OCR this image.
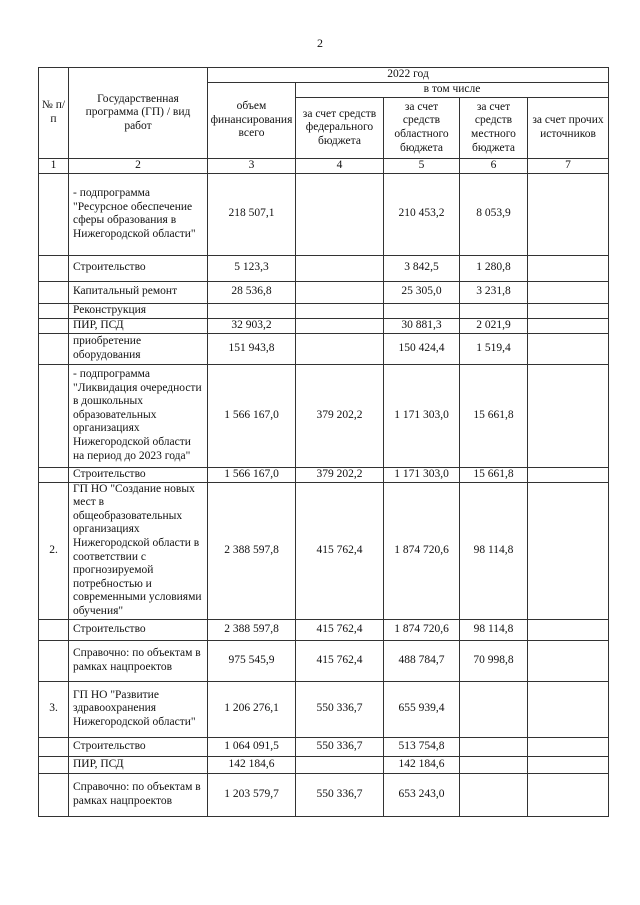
2
№ п/п	Государственная программа (ГП) / вид работ	2022 год				
		объем финансирования всего	в том числе			
			за счет средств федерального бюджета	за счет средств областного бюджета	за счет средств местного бюджета	за счет прочих источников
1	2	3	4	5	6	7
	- подпрограмма "Ресурсное обеспечение сферы образования в Нижегородской области"	218 507,1		210 453,2	8 053,9	
	Строительство	5 123,3		3 842,5	1 280,8	
	Капитальный ремонт	28 536,8		25 305,0	3 231,8	
	Реконструкция					
	ПИР, ПСД	32 903,2		30 881,3	2 021,9	
	приобретение оборудования	151 943,8		150 424,4	1 519,4	
	- подпрограмма "Ликвидация очередности в дошкольных образовательных организациях Нижегородской области на период до 2023 года"	1 566 167,0	379 202,2	1 171 303,0	15 661,8	
	Строительство	1 566 167,0	379 202,2	1 171 303,0	15 661,8	
2.	ГП НО "Создание новых мест в общеобразовательных организациях Нижегородской области в соответствии с прогнозируемой потребностью и современными условиями обучения"	2 388 597,8	415 762,4	1 874 720,6	98 114,8	
	Строительство	2 388 597,8	415 762,4	1 874 720,6	98 114,8	
	Справочно: по объектам в рамках нацпроектов	975 545,9	415 762,4	488 784,7	70 998,8	
3.	ГП НО "Развитие здравоохранения Нижегородской области"	1 206 276,1	550 336,7	655 939,4		
	Строительство	1 064 091,5	550 336,7	513 754,8		
	ПИР, ПСД	142 184,6		142 184,6		
	Справочно: по объектам в рамках нацпроектов	1 203 579,7	550 336,7	653 243,0		
